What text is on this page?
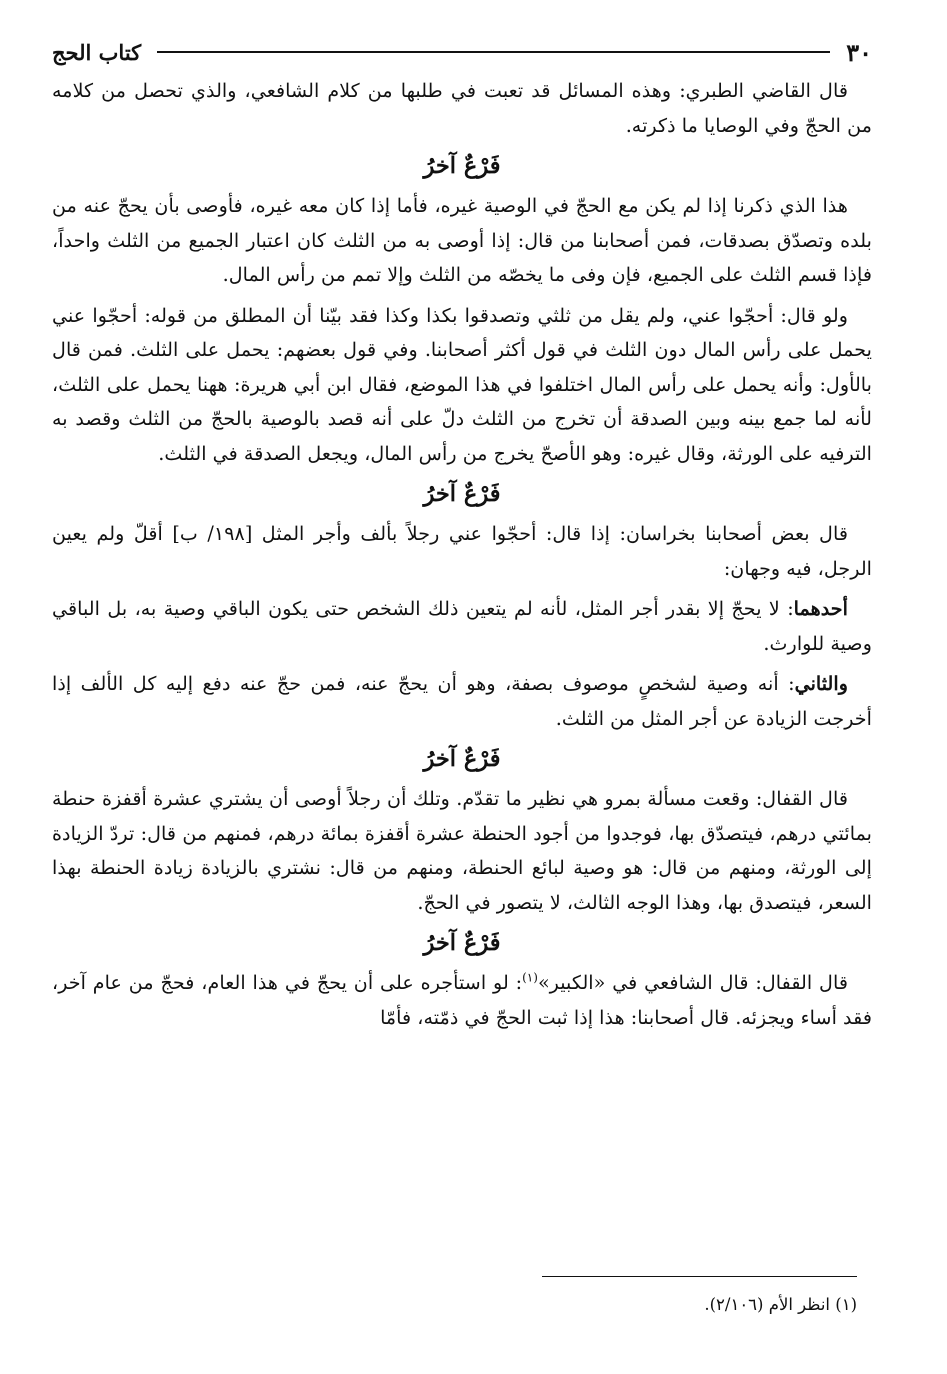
٣٠
كتاب الحج

قال القاضي الطبري: وهذه المسائل قد تعبت في طلبها من كلام الشافعي، والذي تحصل من كلامه من الحجّ وفي الوصايا ما ذكرته.

فَرْعٌ آخرُ

هذا الذي ذكرنا إذا لم يكن مع الحجّ في الوصية غيره، فأما إذا كان معه غيره، فأوصى بأن يحجّ عنه من بلده وتصدّق بصدقات، فمن أصحابنا من قال: إذا أوصى به من الثلث كان اعتبار الجميع من الثلث واحداً، فإذا قسم الثلث على الجميع، فإن وفى ما يخصّه من الثلث وإلا تمم من رأس المال.

ولو قال: أحجّوا عني، ولم يقل من ثلثي وتصدقوا بكذا وكذا فقد بيّنا أن المطلق من قوله: أحجّوا عني يحمل على رأس المال دون الثلث في قول أكثر أصحابنا. وفي قول بعضهم: يحمل على الثلث. فمن قال بالأول: وأنه يحمل على رأس المال اختلفوا في هذا الموضع، فقال ابن أبي هريرة: ههنا يحمل على الثلث، لأنه لما جمع بينه وبين الصدقة أن تخرج من الثلث دلّ على أنه قصد بالوصية بالحجّ من الثلث وقصد به الترفيه على الورثة، وقال غيره: وهو الأصحّ يخرج من رأس المال، ويجعل الصدقة في الثلث.

فَرْعٌ آخرُ

قال بعض أصحابنا بخراسان: إذا قال: أحجّوا عني رجلاً بألف وأجر المثل [١٩٨/ ب] أقلّ ولم يعين الرجل، فيه وجهان:

أحدهما: لا يحجّ إلا بقدر أجر المثل، لأنه لم يتعين ذلك الشخص حتى يكون الباقي وصية به، بل الباقي وصية للوارث.

والثاني: أنه وصية لشخصٍ موصوف بصفة، وهو أن يحجّ عنه، فمن حجّ عنه دفع إليه كل الألف إذا أخرجت الزيادة عن أجر المثل من الثلث.

فَرْعٌ آخرُ

قال القفال: وقعت مسألة بمرو هي نظير ما تقدّم. وتلك أن رجلاً أوصى أن يشتري عشرة أقفزة حنطة بمائتي درهم، فيتصدّق بها، فوجدوا من أجود الحنطة عشرة أقفزة بمائة درهم، فمنهم من قال: تردّ الزيادة إلى الورثة، ومنهم من قال: هو وصية لبائع الحنطة، ومنهم من قال: نشتري بالزيادة زيادة الحنطة بهذا السعر، فيتصدق بها، وهذا الوجه الثالث، لا يتصور في الحجّ.

فَرْعٌ آخرُ

قال القفال: قال الشافعي في «الكبير»$^{(١)}$: لو استأجره على أن يحجّ في هذا العام، فحجّ من عام آخر، فقد أساء ويجزئه. قال أصحابنا: هذا إذا ثبت الحجّ في ذمّته، فأمّا

(١) انظر الأم (٢/١٠٦).
